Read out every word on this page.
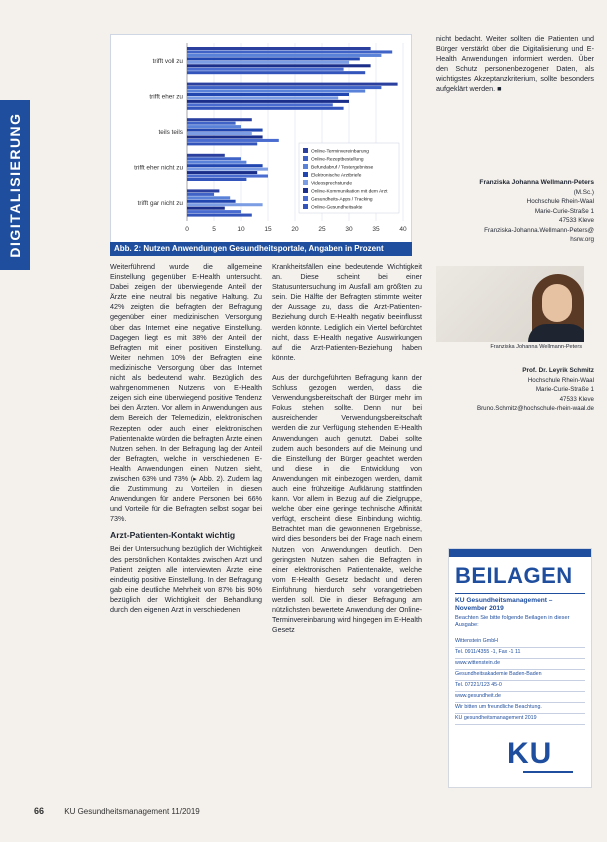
DIGITALISIERUNG	0	5	10	15	20	25	30	35	40
trifft voll zu
trifft eher zu
teils teils
trifft eher nicht zu
trifft gar nicht zu
Online-Terminvereinbarung
Online-Rezeptbestellung
Befundabruf / Testergebnisse
Elektronische Arztbriefe
Videosprechstunde
Online-Kommunikation mit dem Arzt
Gesundheits-Apps / Tracking
Online-Gesundheitsakte
Abb. 2: Nutzen Anwendungen Gesundheitsportale, Angaben in Prozent

Weiterführend wurde die allgemeine Einstellung gegenüber E-Health untersucht. Dabei zeigen der überwiegende Anteil der Ärzte eine neutral bis negative Haltung. Zu 42% zeigten die befragten der Befragung gegenüber einer medizinischen Versorgung über das Internet eine negative Einstellung. Dagegen liegt es mit 38% der Anteil der Befragten mit einer positiven Einstellung. Weiter nehmen 10% der Befragten eine medizinische Versorgung über das Internet nicht als bedeutend wahr. Bezüglich des wahrgenommenen Nutzens von E-Health zeigen sich eine überwiegend positive Tendenz bei den Ärzten. Vor allem in Anwendungen aus dem Bereich der Telemedizin, elektronischen Rezepten oder auch einer elektronischen Patientenakte würden die befragten Ärzte einen Nutzen sehen. In der Befragung lag der Anteil der Befragten, welche in verschiedenen E-Health Anwendungen einen Nutzen sieht, zwischen 63% und 73% (▸ Abb. 2). Zudem lag die Zustimmung zu Vorteilen in diesen Anwendungen für andere Personen bei 66% und Vorteile für die Befragten selbst sogar bei 73%.

Arzt-Patienten-Kontakt wichtig

Bei der Untersuchung bezüglich der Wichtigkeit des persönlichen Kontaktes zwischen Arzt und Patient zeigten alle interviewten Ärzte eine eindeutig positive Einstellung. In der Befragung gab eine deutliche Mehrheit von 87% bis 90% bezüglich der Wichtigkeit der Behandlung durch den eigenen Arzt in verschiedenen

Krankheitsfällen eine bedeutende Wichtigkeit an. Diese scheint bei einer Statusuntersuchung im Ausfall am größten zu sein. Die Hälfte der Befragten stimmte weiter der Aussage zu, dass die Arzt-Patienten-Beziehung durch E-Health negativ beeinflusst werden könnte. Lediglich ein Viertel befürchtet nicht, dass E-Health negative Auswirkungen auf die Arzt-Patienten-Beziehung haben könnte.

Aus der durchgeführten Befragung kann der Schluss gezogen werden, dass die Verwendungsbereitschaft der Bürger mehr im Fokus stehen sollte. Denn nur bei ausreichender Verwendungsbereitschaft werden die zur Verfügung stehenden E-Health Anwendungen auch genutzt. Dabei sollte zudem auch besonders auf die Meinung und die Einstellung der Bürger geachtet werden und diese in die Entwicklung von Anwendungen mit einbezogen werden, damit auch eine frühzeitige Aufklärung stattfinden kann. Vor allem in Bezug auf die Zielgruppe, welche über eine geringe technische Affinität verfügt, erscheint diese Einbindung wichtig. Betrachtet man die gewonnenen Ergebnisse, wird dies besonders bei der Frage nach einem Nutzen von Anwendungen deutlich. Den geringsten Nutzen sahen die Befragten in einer elektronischen Patientenakte, welche vom E-Health Gesetz bedacht und deren Einführung hierdurch sehr vorangetrieben werden soll. Die in dieser Befragung am nützlichsten bewertete Anwendung der Online-Terminvereinbarung wird hingegen im E-Health Gesetz

nicht bedacht. Weiter sollten die Patienten und Bürger verstärkt über die Digitalisierung und E-Health Anwendungen informiert werden. Über den Schutz personenbezogener Daten, als wichtigstes Akzeptanzkriterium, sollte besonders aufgeklärt werden. ■

Franziska Johanna Wellmann-Peters
(M.Sc.)
Hochschule Rhein-Waal
Marie-Curie-Straße 1
47533 Kleve
Franziska-Johanna.Wellmann-Peters@
hsrw.org
Franziska Johanna Wellmann-Peters
Prof. Dr. Leyrik Schmitz
Hochschule Rhein-Waal
Marie-Curie-Straße 1
47533 Kleve
Bruno.Schmitz@hochschule-rhein-waal.de
BEILAGEN
KU Gesundheitsmanagement – November 2019
Beachten Sie bitte folgende Beilagen in dieser Ausgabe:
Wittenstein GmbH
Tel. 0911/4355 -1, Fax -1 11
www.wittenstein.de
Gesundheitsakademie Baden-Baden
Tel. 07221/123 45-0
www.gesundheit.de
Wir bitten um freundliche Beachtung.
KU gesundheitsmanagement 2019
KU
66	KU Gesundheitsmanagement 11/2019
